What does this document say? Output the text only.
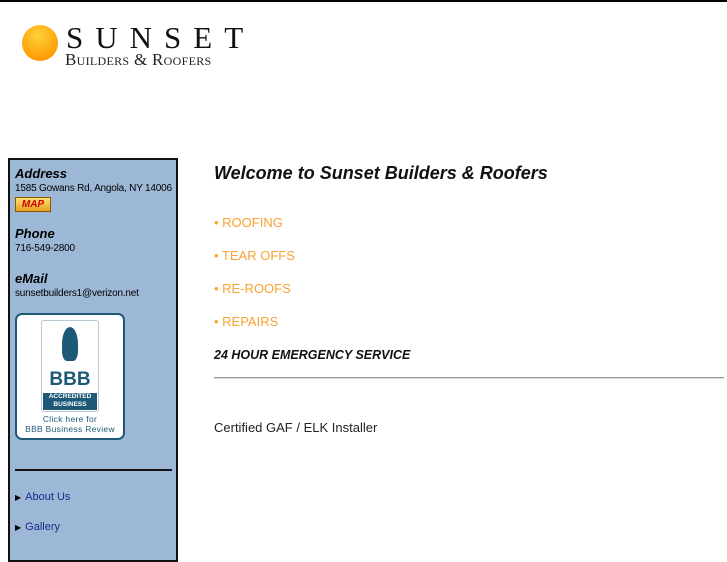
SUNSET
Builders & Roofers
Address
1585 Gowans Rd, Angola, NY 14006
MAP
Phone
716-549-2800
eMail
sunsetbuilders1@verizon.net
BBB
ACCREDITED BUSINESS
Click here for
BBB Business Review
▶ About Us
▶ Gallery
Welcome to Sunset Builders & Roofers
• ROOFING
• TEAR OFFS
• RE-ROOFS
• REPAIRS
24 HOUR EMERGENCY SERVICE
Certified GAF / ELK Installer
